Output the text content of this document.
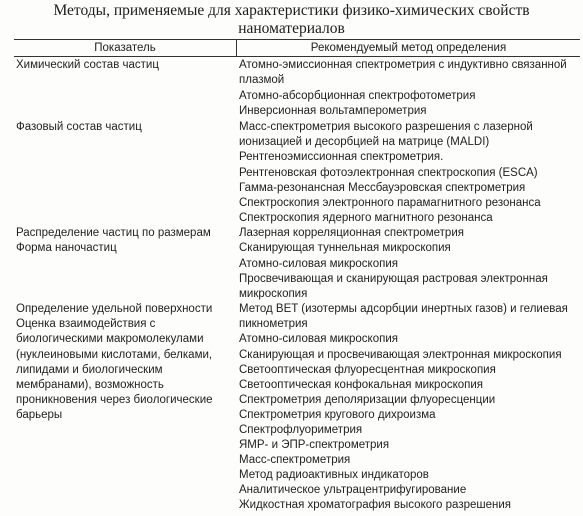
Методы, применяемые для характеристики физико-химических свойств
наноматериалов
Показатель	Рекомендуемый метод определения
Химический состав частиц
Фазовый состав частиц
Распределение частиц по размерам
Форма наночастиц
Определение удельной поверхности
Оценка взаимодействия с
биологическими макромолекулами
(нуклеиновыми кислотами, белками,
липидами и биологическим
мембранами), возможность
проникновения через биологические
барьеры
Атомно-эмиссионная спектрометрия с индуктивно связанной
плазмой
Атомно-абсорбционная спектрофотометрия
Инверсионная вольтамперометрия
Масс-спектрометрия высокого разрешения с лазерной
ионизацией и десорбцией на матрице (MALDI)
Рентгеноэмиссионная спектрометрия.
Рентгеновская фотоэлектронная спектроскопия (ESCA)
Гамма-резонансная Мессбауэровская спектрометрия
Спектроскопия электронного парамагнитного резонанса
Спектроскопия ядерного магнитного резонанса
Лазерная корреляционная спектрометрия
Сканирующая туннельная микроскопия
Атомно-силовая микроскопия
Просвечивающая и сканирующая растровая электронная
микроскопия
Метод BET (изотермы адсорбции инертных газов) и гелиевая
пикнометрия
Атомно-силовая микроскопия
Сканирующая и просвечивающая электронная микроскопия
Светооптическая флуоресцентная микроскопия
Светооптическая конфокальная микроскопия
Спектрометрия деполяризации флуоресценции
Спектрометрия кругового дихроизма
Спектрофлуориметрия
ЯМР- и ЭПР-спектрометрия
Масс-спектрометрия
Метод радиоактивных индикаторов
Аналитическое ультрацентрифугирование
Жидкостная хроматография высокого разрешения
